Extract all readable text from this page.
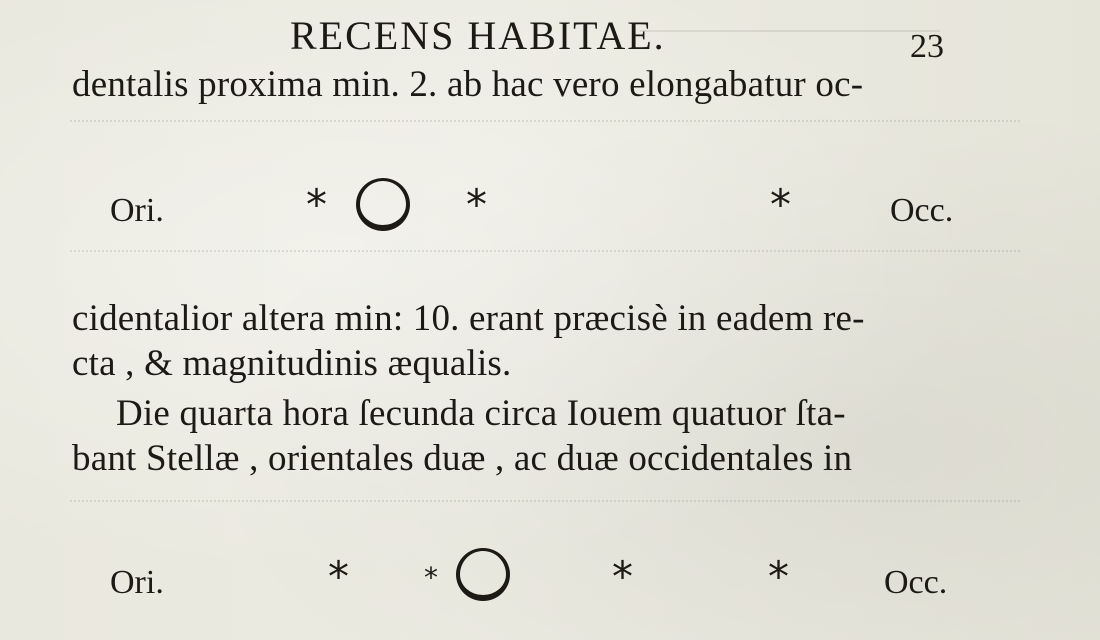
RECENS HABITAE.	23

dentalis proxima min. 2. ab hac vero elongabatur oc-

Ori.	*	*	*	Occ.

cidentalior altera min: 10. erant præcisè in eadem re-

cta , & magnitudinis æqualis.

Die quarta hora ſecunda circa Iouem quatuor ſta-

bant Stellæ , orientales duæ , ac duæ occidentales in

Ori.	*	*	*	*	Occ.
